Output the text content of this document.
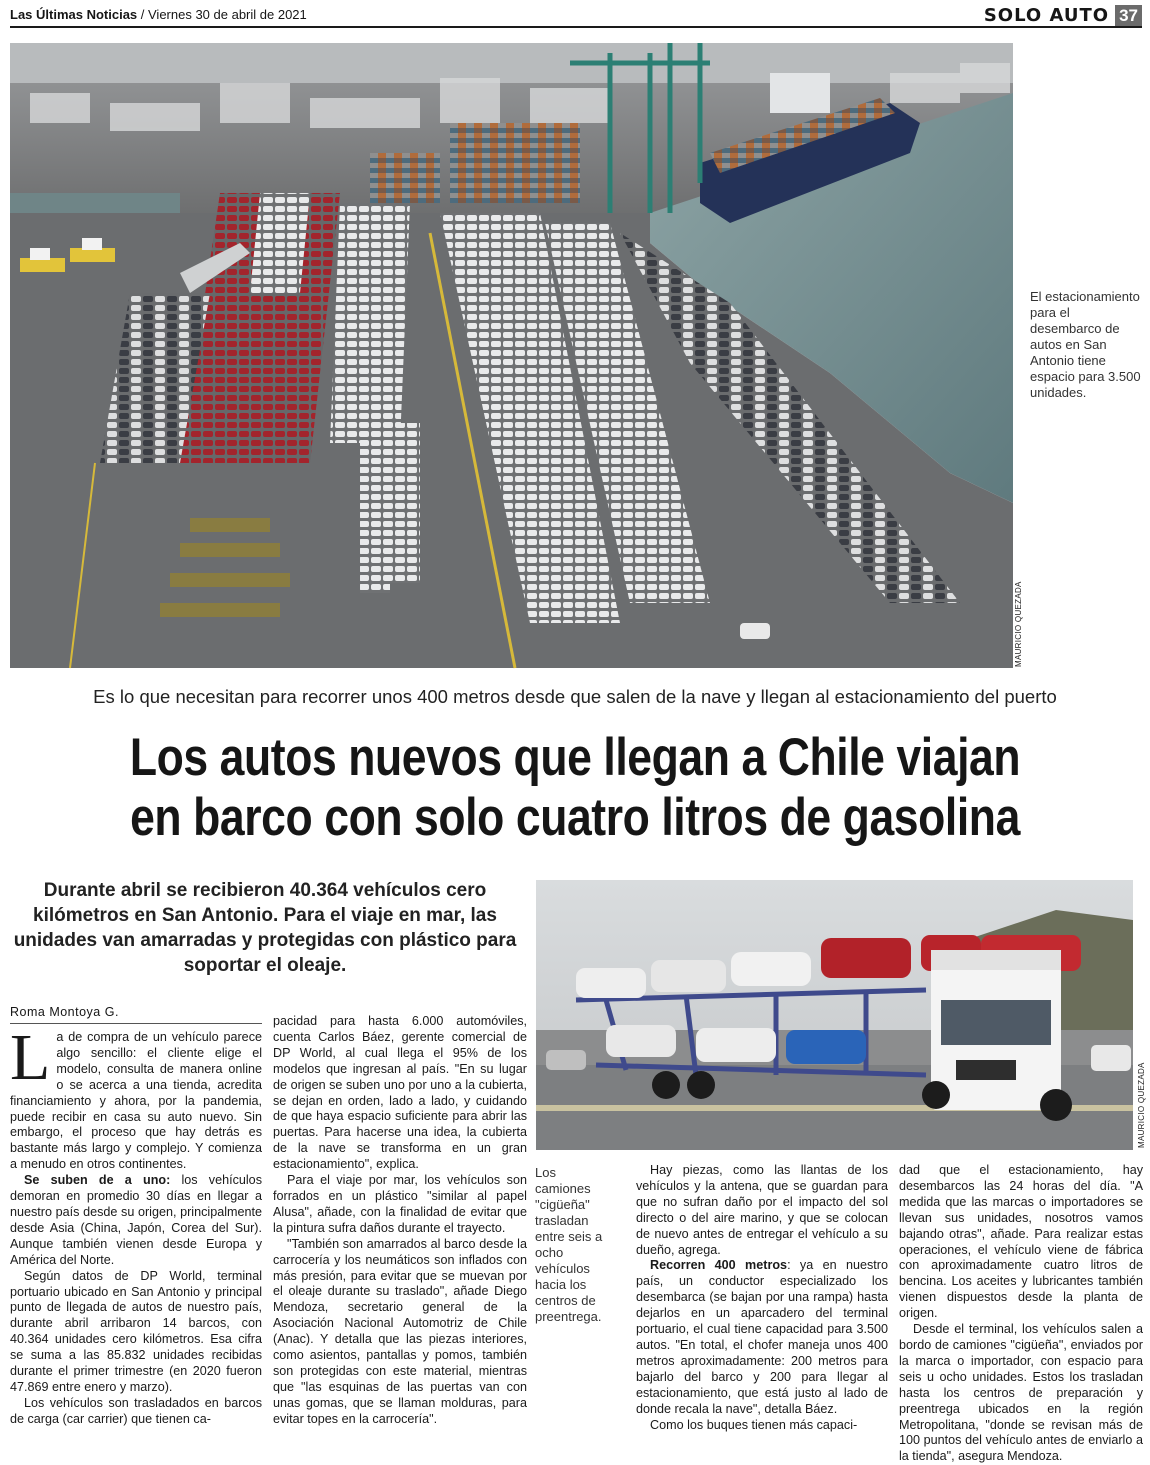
Las Últimas Noticias / Viernes 30 de abril de 2021	SOLO AUTO 37
MAURICIO QUEZADA
El estacionamiento para el desembarco de autos en San Antonio tiene espacio para 3.500 unidades.
Es lo que necesitan para recorrer unos 400 metros desde que salen de la nave y llegan al estacionamiento del puerto
Los autos nuevos que llegan a Chile viajan
en barco con solo cuatro litros de gasolina
Durante abril se recibieron 40.364 vehículos cero kilómetros en San Antonio. Para el viaje en mar, las unidades van amarradas y protegidas con plástico para soportar el oleaje.
MAURICIO QUEZADA
Los camiones "cigüeña" trasladan entre seis a ocho vehículos hacia los centros de preentrega.
Roma Montoya G.

La de compra de un vehículo parece algo sencillo: el cliente elige el modelo, consulta de manera online o se acerca a una tienda, acredita financiamiento y ahora, por la pandemia, puede recibir en casa su auto nuevo. Sin embargo, el proceso que hay detrás es bastante más largo y complejo. Y comienza a menudo en otros continentes.

Se suben de a uno: los vehículos demoran en promedio 30 días en llegar a nuestro país desde su origen, principalmente desde Asia (China, Japón, Corea del Sur). Aunque también vienen desde Europa y América del Norte.

Según datos de DP World, terminal portuario ubicado en San Antonio y principal punto de llegada de autos de nuestro país, durante abril arribaron 14 barcos, con 40.364 unidades cero kilómetros. Esa cifra se suma a las 85.832 unidades recibidas durante el primer trimestre (en 2020 fueron 47.869 entre enero y marzo).

Los vehículos son trasladados en barcos de carga (car carrier) que tienen ca-

pacidad para hasta 6.000 automóviles, cuenta Carlos Báez, gerente comercial de DP World, al cual llega el 95% de los modelos que ingresan al país. "En su lugar de origen se suben uno por uno a la cubierta, se dejan en orden, lado a lado, y cuidando de que haya espacio suficiente para abrir las puertas. Para hacerse una idea, la cubierta de la nave se transforma en un gran estacionamiento", explica.

Para el viaje por mar, los vehículos son forrados en un plástico "similar al papel Alusa", añade, con la finalidad de evitar que la pintura sufra daños durante el trayecto.

"También son amarrados al barco desde la carrocería y los neumáticos son inflados con más presión, para evitar que se muevan por el oleaje durante su traslado", añade Diego Mendoza, secretario general de la Asociación Nacional Automotriz de Chile (Anac). Y detalla que las piezas interiores, como asientos, pantallas y pomos, también son protegidas con este material, mientras que "las esquinas de las puertas van con unas gomas, que se llaman molduras, para evitar topes en la carrocería".

Hay piezas, como las llantas de los vehículos y la antena, que se guardan para que no sufran daño por el impacto del sol directo o del aire marino, y que se colocan de nuevo antes de entregar el vehículo a su dueño, agrega.

Recorren 400 metros: ya en nuestro país, un conductor especializado los desembarca (se bajan por una rampa) hasta dejarlos en un aparcadero del terminal portuario, el cual tiene capacidad para 3.500 autos. "En total, el chofer maneja unos 400 metros aproximadamente: 200 metros para bajarlo del barco y 200 para llegar al estacionamiento, que está justo al lado de donde recala la nave", detalla Báez.

Como los buques tienen más capaci-

dad que el estacionamiento, hay desembarcos las 24 horas del día. "A medida que las marcas o importadores se llevan sus unidades, nosotros vamos bajando otras", añade. Para realizar estas operaciones, el vehículo viene de fábrica con aproximadamente cuatro litros de bencina. Los aceites y lubricantes también vienen dispuestos desde la planta de origen.

Desde el terminal, los vehículos salen a bordo de camiones "cigüeña", enviados por la marca o importador, con espacio para seis u ocho unidades. Estos los trasladan hasta los centros de preparación y preentrega ubicados en la región Metropolitana, "donde se revisan más de 100 puntos del vehículo antes de enviarlo a la tienda", asegura Mendoza.
